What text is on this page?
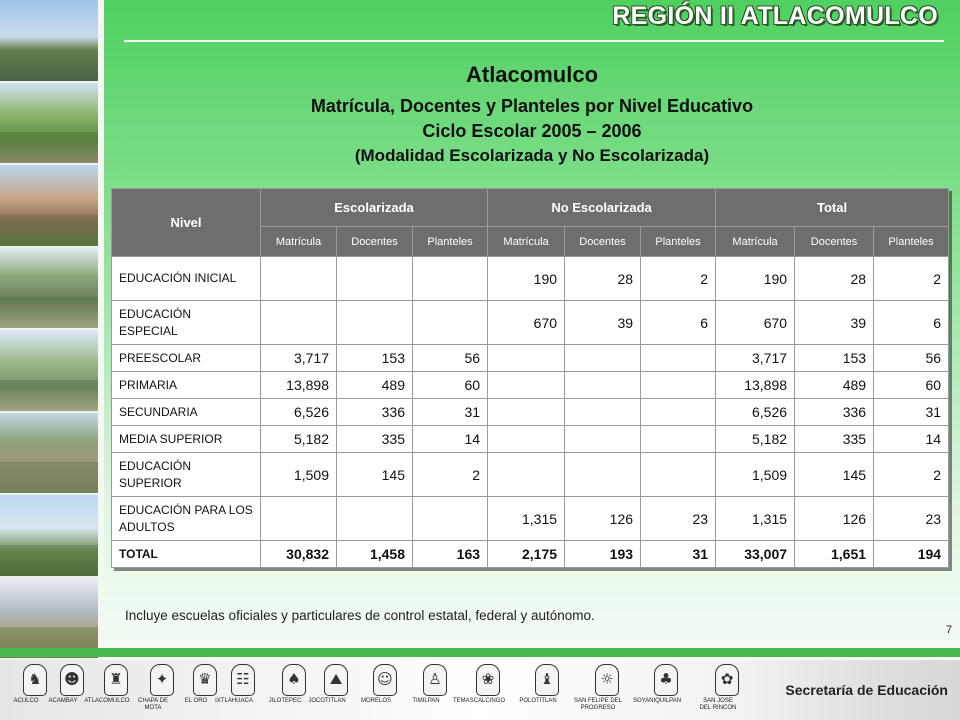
REGIÓN II ATLACOMULCO
Atlacomulco
Matrícula, Docentes y Planteles por Nivel Educativo
Ciclo Escolar 2005 – 2006
(Modalidad Escolarizada y No Escolarizada)
Nivel	Escolarizada			No Escolarizada			Total		
	Matrícula	Docentes	Planteles	Matrícula	Docentes	Planteles	Matrícula	Docentes	Planteles
EDUCACIÓN INICIAL				190	28	2	190	28	2
EDUCACIÓN ESPECIAL				670	39	6	670	39	6
PREESCOLAR	3,717	153	56				3,717	153	56
PRIMARIA	13,898	489	60				13,898	489	60
SECUNDARIA	6,526	336	31				6,526	336	31
MEDIA SUPERIOR	5,182	335	14				5,182	335	14
EDUCACIÓN SUPERIOR	1,509	145	2				1,509	145	2
EDUCACIÓN PARA LOS ADULTOS				1,315	126	23	1,315	126	23
TOTAL	30,832	1,458	163	2,175	193	31	33,007	1,651	194
Incluye escuelas oficiales y particulares de control estatal, federal y autónomo.
7
♞
ACULCO
☻
ACAMBAY
♜
ATLACOMULCO
✦
CHAPA DE
MOTA
♛
EL ORO
☷
IXTLAHUACA
♠
JILOTEPEC
⛰
JOCOTITLAN
☺
MORELOS
♙
TIMILPAN
❀
TEMASCALCINGO
♝
POLOTITLAN
☼
SAN FELIPE DEL
PROGRESO
♣
SOYANIQUILPAN
✿
SAN JOSE
DEL RINCON
Secretaría de Educación
